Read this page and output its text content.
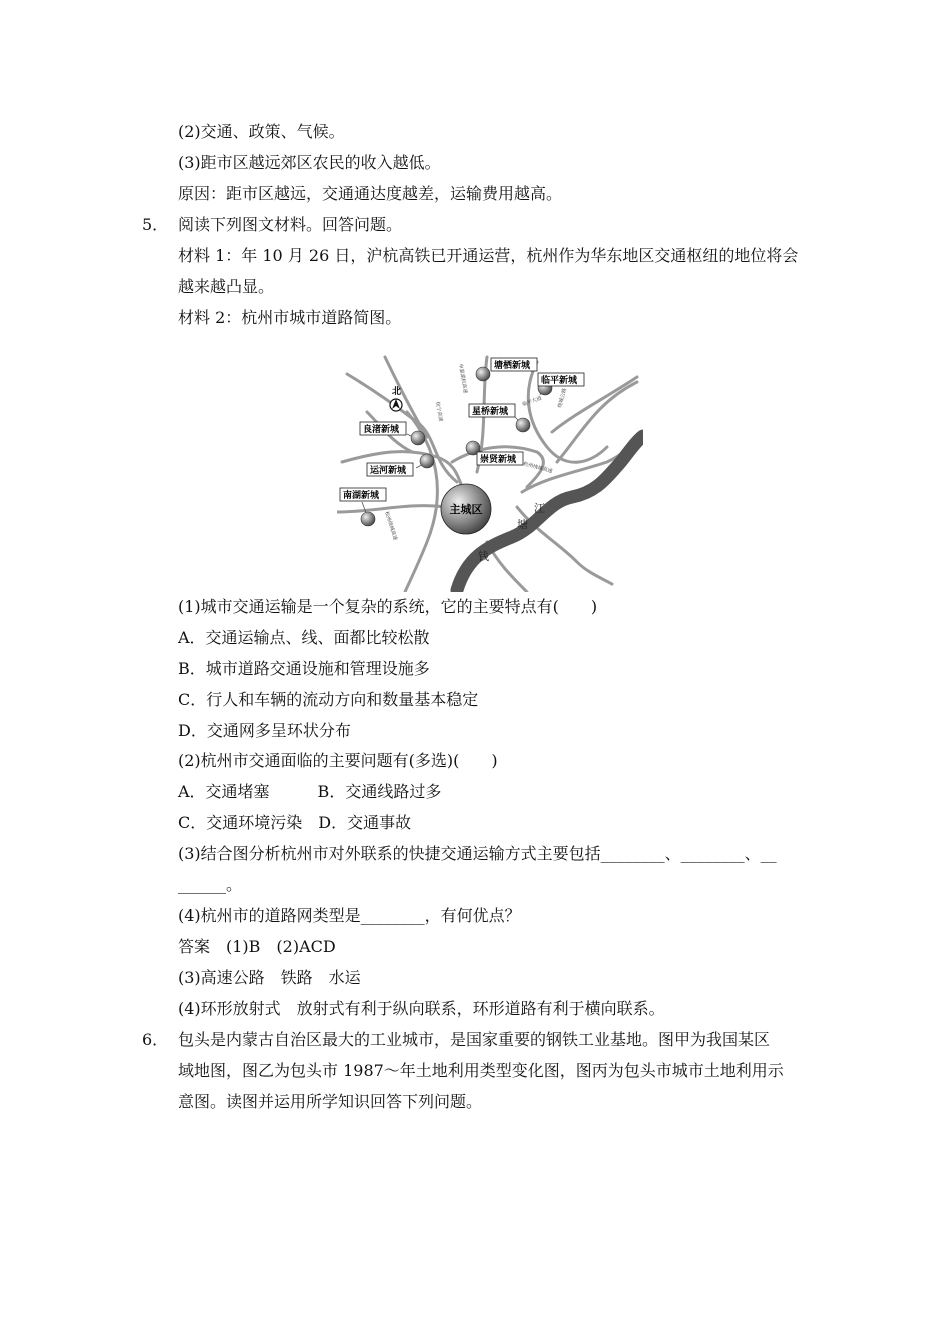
(2)交通、政策、气候。
(3)距市区越远郊区农民的收入越低。
原因：距市区越远，交通通达度越差，运输费用越高。
5． 阅读下列图文材料。回答问题。
材料 1：年 10 月 26 日，沪杭高铁已开通运营，杭州作为华东地区交通枢纽的地位将会
越来越凸显。
材料 2：杭州市城市道路简图。
江
塘
钱
北
主城区
塘栖新城
临平新城
星桥新城
良渚新城
崇贤新城
运河新城
南湖新城
申嘉湖杭高速
杭宁高速	临平大道	绕城公路
杭州绕城高速
杭州绕城高速
(1)城市交通运输是一个复杂的系统，它的主要特点有(　　)
A．交通运输点、线、面都比较松散
B．城市道路交通设施和管理设施多
C．行人和车辆的流动方向和数量基本稳定
D．交通网多呈环状分布
(2)杭州市交通面临的主要问题有(多选)(　　)
A．交通堵塞　　　B．交通线路过多
C．交通环境污染　D．交通事故
(3)结合图分析杭州市对外联系的快捷交通运输方式主要包括________、________、__
______。
(4)杭州市的道路网类型是________，有何优点？
答案　(1)B　(2)ACD
(3)高速公路　铁路　水运
(4)环形放射式　放射式有利于纵向联系，环形道路有利于横向联系。
6． 包头是内蒙古自治区最大的工业城市，是国家重要的钢铁工业基地。图甲为我国某区
域地图，图乙为包头市 1987～年土地利用类型变化图，图丙为包头市城市土地利用示
意图。读图并运用所学知识回答下列问题。
